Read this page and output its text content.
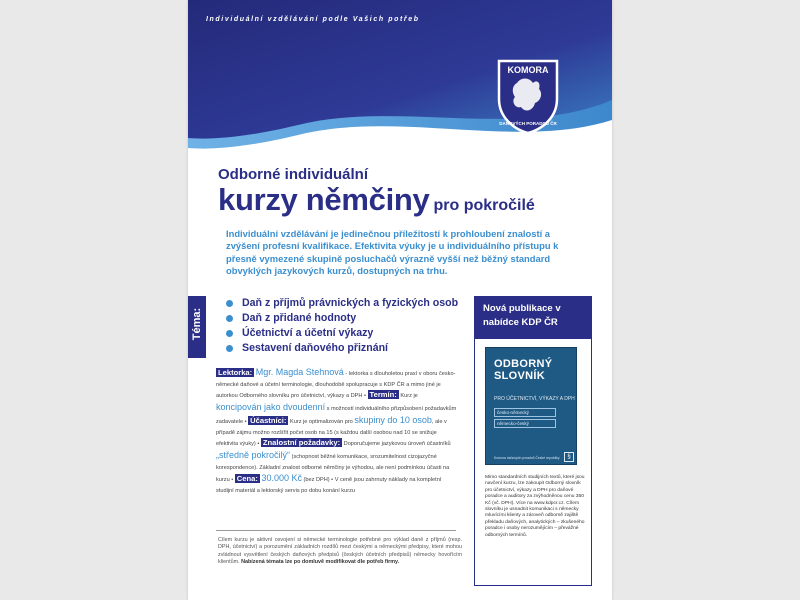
Individuální vzdělávání podle Vašich potřeb
KOMORA
DAŇOVÝCH PORADCŮ ČR
Odborné individuální
kurzy němčiny pro pokročilé
Individuální vzdělávání je jedinečnou příležitostí k prohloubení znalostí a zvýšení profesní kvalifikace. Efektivita výuky je u individuálního přístupu k přesně vymezené skupině posluchačů výrazně vyšší než běžný standard obvyklých jazykových kurzů, dostupných na trhu.
Téma:
Daň z příjmů právnických a fyzických osob
Daň z přidané hodnoty
Účetnictví a účetní výkazy
Sestavení daňového přiznání
Nová publikace v nabídce KDP ČR
ODBORNÝ
SLOVNÍK
PRO ÚČETNICTVÍ, VÝKAZY A DPH
česko-německý
německo-český
Komora daňových poradců České republiky	§
Mimo standardních studijních textů, které jsou navčení kurzu, lze zakoupit Odborný slovník pro účetnictví, výkazy a DPH pro daňové poradce a auditory za zvýhodněnou cenu 350 Kč (vč. DPH). Více na www.kdpcr.cz. Cílem slovníku je usnadnit komunikaci s německy mluvícími klienty a zároveň odborně zajiště překladu daňových, analytických – zkušeného poradce i osoby nerozumějícím – převážné odborných termínů.
Lektorka: Mgr. Magda Stehnová - lektorka s dlouholetou praxí v oboru česko-německé daňové a účetní terminologie, dlouhodobě spolupracuje s KDP ČR a mimo jiné je autorkou Odborného slovníku pro účetnictví, výkazy a DPH • Termín: Kurz je koncipován jako dvoudenní s možností individuálního přizpůsobení požadavkům zadavatele • Účastníci: Kurz je optimalizován pro skupiny do 10 osob, ale v případě zájmu možno rozšířit počet osob na 15 (s každou další osobou nad 10 se snižuje efektivita výuky) • Znalostní požadavky: Doporučujeme jazykovou úroveň účastníků „středně pokročilý“ (schopnost běžné komunikace, srozumitelnost cizojazyčné korespondence). Základní znalost odborné němčiny je výhodou, ale není podmínkou účasti na kurzu • Cena: 30.000 Kč (bez DPH) • V ceně jsou zahrnuty náklady na kompletní studijní materiál a lektorský servis po dobu konání kurzu
Cílem kurzu je aktivní osvojení si německé terminologie potřebné pro výklad daně z příjmů (resp. DPH, účetnictví) a porozumění základních rozdílů mezi českými a německými předpisy, které mohou zvládnout vysvětlení českých daňových předpisů (českých účetních předpisů) německy hovořícím klientům. Nabízená témata lze po domluvě modifikovat dle potřeb firmy.
